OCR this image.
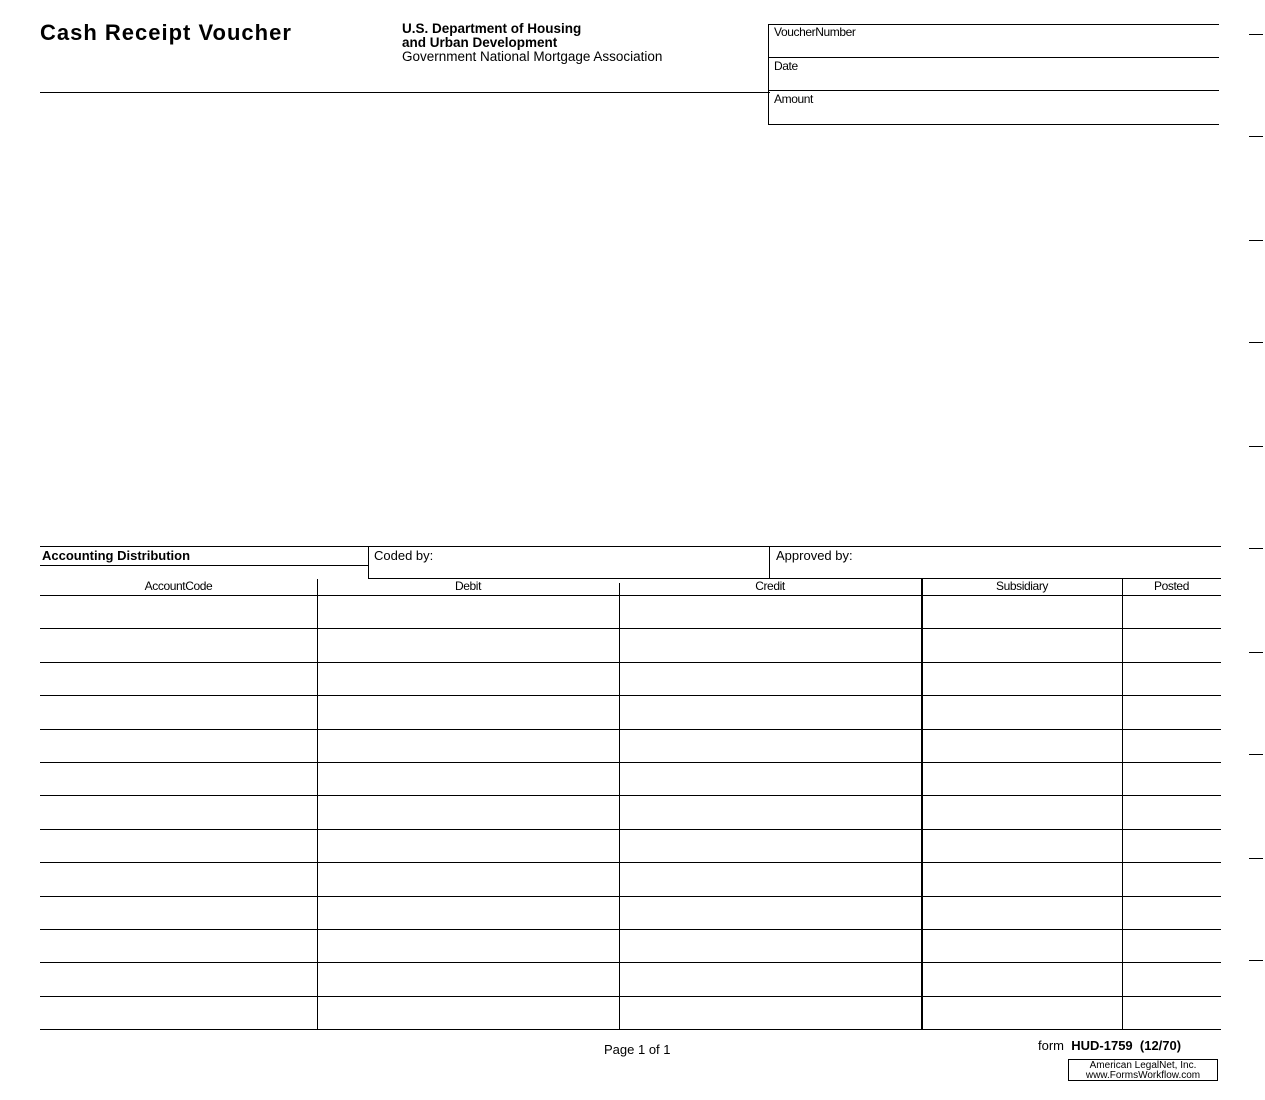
Cash Receipt Voucher	U.S. Department of Housing
and Urban Development
Government National Mortgage Association
VoucherNumber
Date
Amount
Accounting Distribution	Coded by:	Approved by:
AccountCode	Debit	Credit	Subsidiary	Posted
Page 1 of 1	form HUD-1759 (12/70)
American LegalNet, Inc.
www.FormsWorkflow.com
